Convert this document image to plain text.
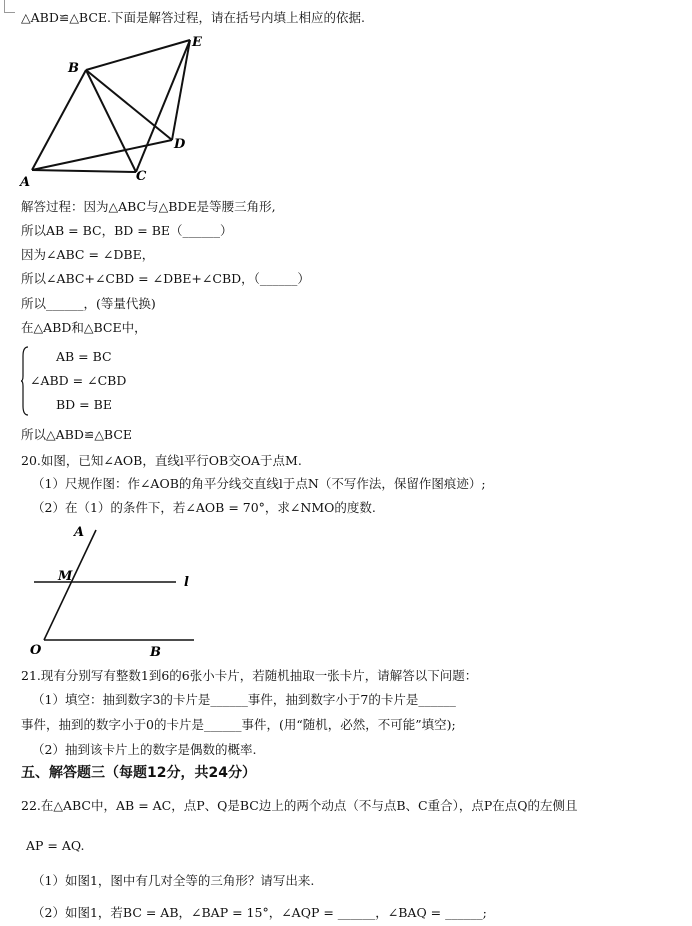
△ABD≌△BCE.下面是解答过程，请在括号内填上相应的依据.
A
B
C
D
E
解答过程：因为△ABC与△BDE是等腰三角形,
所以AB = BC，BD = BE（______）
因为∠ABC = ∠DBE，
所以∠ABC+∠CBD = ∠DBE+∠CBD，（______）
所以______，(等量代换)
在△ABD和△BCE中，
AB = BC
∠ABD = ∠CBD
BD = BE
所以△ABD≌△BCE
20.如图，已知∠AOB，直线l平行OB交OA于点M.
（1）尺规作图：作∠AOB的角平分线交直线l于点N（不写作法，保留作图痕迹）;
（2）在（1）的条件下，若∠AOB = 70°，求∠NMO的度数.
A
M	l
O	B
21.现有分别写有整数1到6的6张小卡片，若随机抽取一张卡片，请解答以下问题：
（1）填空：抽到数字3的卡片是______事件，抽到数字小于7的卡片是______
事件，抽到的数字小于0的卡片是______事件，(用“随机，必然，不可能”填空);
（2）抽到该卡片上的数字是偶数的概率.
五、解答题三（每题12分，共24分）
22.在△ABC中，AB = AC，点P、Q是BC边上的两个动点（不与点B、C重合），点P在点Q的左侧且
AP = AQ.
（1）如图1，图中有几对全等的三角形？请写出来.
（2）如图1，若BC = AB，∠BAP = 15°，∠AQP = ______，∠BAQ = ______;
